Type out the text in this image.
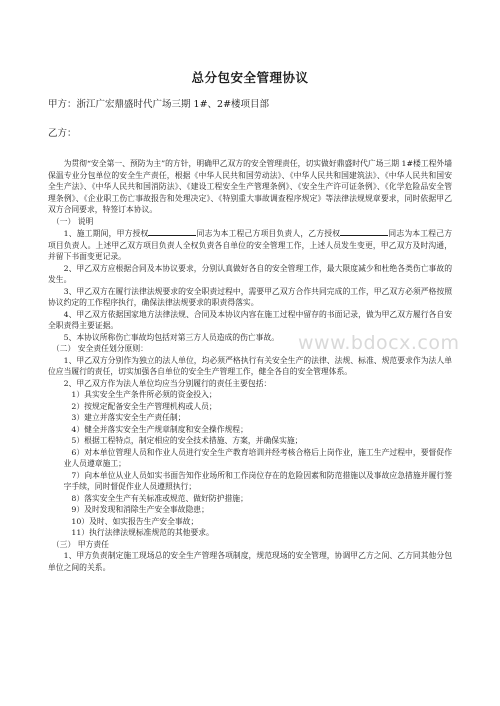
总分包安全管理协议

甲方：浙江广宏鼎盛时代广场三期 1#、2#楼项目部

乙方：

为贯彻“安全第一、预防为主”的方针，明确甲乙双方的安全管理责任，切实做好鼎盛时代广场三期 1#楼工程外墙保温专业分包单位的安全生产责任，根据《中华人民共和国劳动法》、《中华人民共和国建筑法》、《中华人民共和国安全生产法》、《中华人民共和国消防法》、《建设工程安全生产管理条例》、《安全生产许可证条例》、《化学危险品安全管理条例》、《企业职工伤亡事故报告和处理决定》、《特别重大事故调查程序规定》等法律法规规章要求，同时依据甲乙双方合同要求，特签订本协议。

（一） 说明

1、施工期间，甲方授权	同志为本工程己方项目负责人，乙方授权	同志为本工程己方项目负责人。上述甲乙双方项目负责人全权负责各自单位的安全管理工作，上述人员发生变更，甲乙双方及时沟通，并留下书面变更记录。

2、甲乙双方应根据合同及本协议要求，分别认真做好各自的安全管理工作，最大限度减少和杜绝各类伤亡事故的发生。

3、甲乙双方在履行法律法规要求的安全职责过程中，需要甲乙双方合作共同完成的工作，甲乙双方必须严格按照协议约定的工作程序执行，确保法律法规要求的职责得落实。

4、甲乙双方依据国家地方法律法规、合同及本协议内容在施工过程中留存的书面记录，做为甲乙双方履行各自安全职责得主要证据。

5、本协议所称伤亡事故均包括对第三方人员造成的伤亡事故。

（二） 安全责任划分原则：

1、甲乙双方分别作为独立的法人单位，均必须严格执行有关安全生产的法律、法规、标准、规范要求作为法人单位应当履行的责任，切实加强各自单位的安全生产管理工作，健全各自的安全管理体系。

2、甲乙双方作为法人单位均应当分别履行的责任主要包括：

1）具实安全生产条件所必须的资金投入；

2）按规定配备安全生产管理机构或人员；

3）建立并落实安全生产责任制；

4）健全并落实安全生产规章制度和安全操作规程；

5）根据工程特点，制定相应的安全技术措施、方案，并确保实施；

6）对本单位管理人员和作业人员进行安全生产教育培训并经考核合格后上岗作业，施工生产过程中，要督促作业人员遵章施工；

7）向本单位从业人员如实书面告知作业场所和工作岗位存在的危险因素和防范措施以及事故应急措施并履行签字手续，同时督促作业人员遵照执行；

8）落实安全生产有关标准或规范、做好防护措施；

9）及时发现和消除生产安全事故隐患；

10）及时、如实报告生产安全事故；

11）执行法律法规标准规范的其他要求。

（三） 甲方责任

1、甲方负责制定施工现场总的安全生产管理各项制度，规范现场的安全管理，协调甲乙方之间、乙方同其他分包单位之间的关系。

www.bdocx.com
